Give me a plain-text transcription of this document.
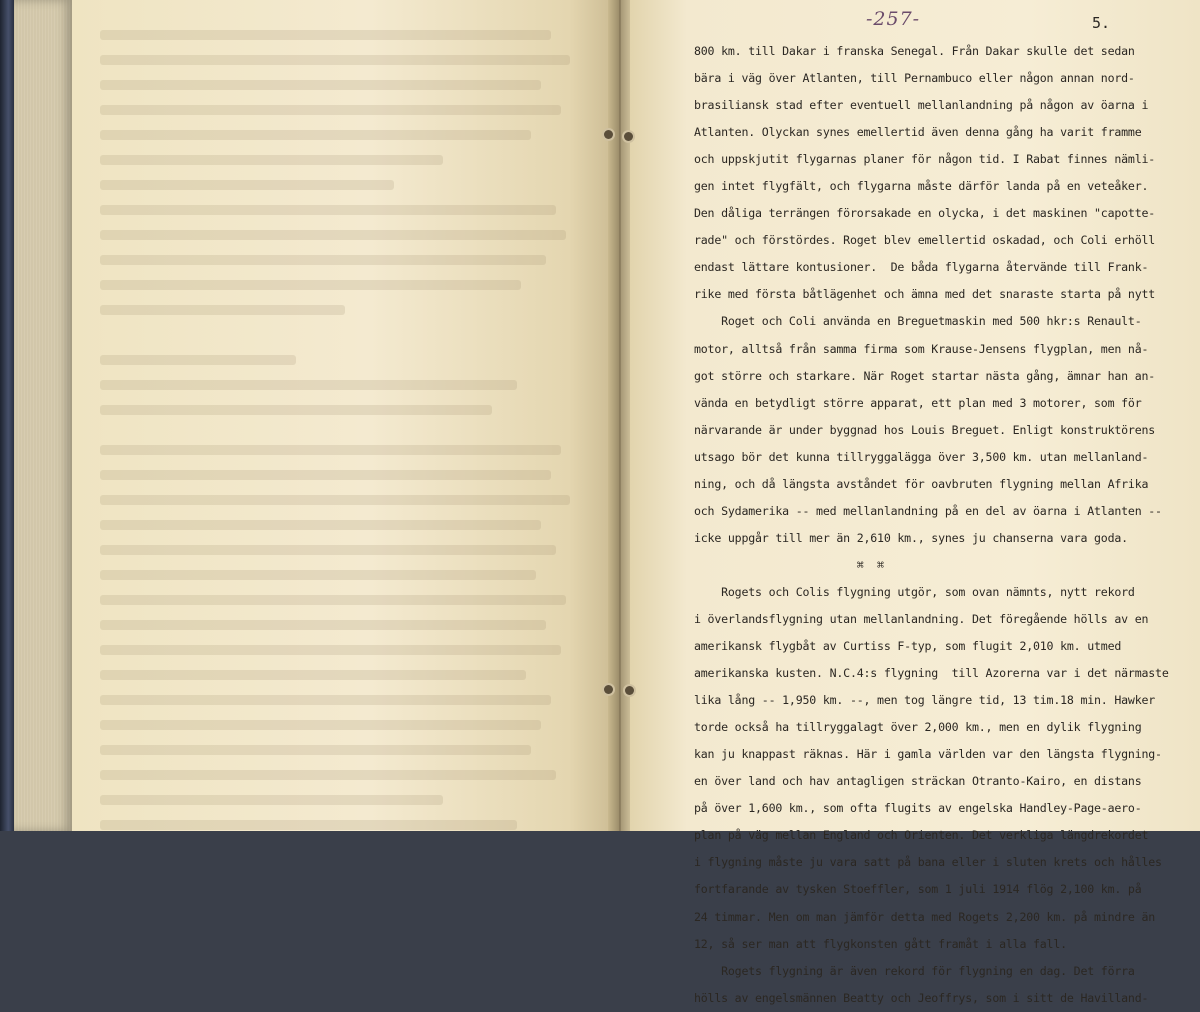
-257-	5.
800 km. till Dakar i franska Senegal. Från Dakar skulle det sedan
bära i väg över Atlanten, till Pernambuco eller någon annan nord-
brasiliansk stad efter eventuell mellanlandning på någon av öarna i
Atlanten. Olyckan synes emellertid även denna gång ha varit framme
och uppskjutit flygarnas planer för någon tid. I Rabat finnes nämli-
gen intet flygfält, och flygarna måste därför landa på en veteåker.
Den dåliga terrängen förorsakade en olycka, i det maskinen "capotte-
rade" och förstördes. Roget blev emellertid oskadad, och Coli erhöll
endast lättare kontusioner.  De båda flygarna återvände till Frank-
rike med första båtlägenhet och ämna med det snaraste starta på nytt
Roget och Coli använda en Breguetmaskin med 500 hkr:s Renault-
motor, alltså från samma firma som Krause-Jensens flygplan, men nå-
got större och starkare. När Roget startar nästa gång, ämnar han an-
vända en betydligt större apparat, ett plan med 3 motorer, som för
närvarande är under byggnad hos Louis Breguet. Enligt konstruktörens
utsago bör det kunna tillryggalägga över 3,500 km. utan mellanland-
ning, och då längsta avståndet för oavbruten flygning mellan Afrika
och Sydamerika -- med mellanlandning på en del av öarna i Atlanten --
icke uppgår till mer än 2,610 km., synes ju chanserna vara goda.
⌘  ⌘
Rogets och Colis flygning utgör, som ovan nämnts, nytt rekord
i överlandsflygning utan mellanlandning. Det föregående hölls av en
amerikansk flygbåt av Curtiss F-typ, som flugit 2,010 km. utmed
amerikanska kusten. N.C.4:s flygning  till Azorerna var i det närmaste
lika lång -- 1,950 km. --, men tog längre tid, 13 tim.18 min. Hawker
torde också ha tillryggalagt över 2,000 km., men en dylik flygning
kan ju knappast räknas. Här i gamla världen var den längsta flygning-
en över land och hav antagligen sträckan Otranto-Kairo, en distans
på över 1,600 km., som ofta flugits av engelska Handley-Page-aero-
plan på väg mellan England och Orienten. Det verkliga längdrekordet
i flygning måste ju vara satt på bana eller i sluten krets och hålles
fortfarande av tysken Stoeffler, som 1 juli 1914 flög 2,100 km. på
24 timmar. Men om man jämför detta med Rogets 2,200 km. på mindre än
12, så ser man att flygkonsten gått framåt i alla fall.
Rogets flygning är även rekord för flygning en dag. Det förra
hölls av engelsmännen Beatty och Jeoffrys, som i sitt de Havilland-
